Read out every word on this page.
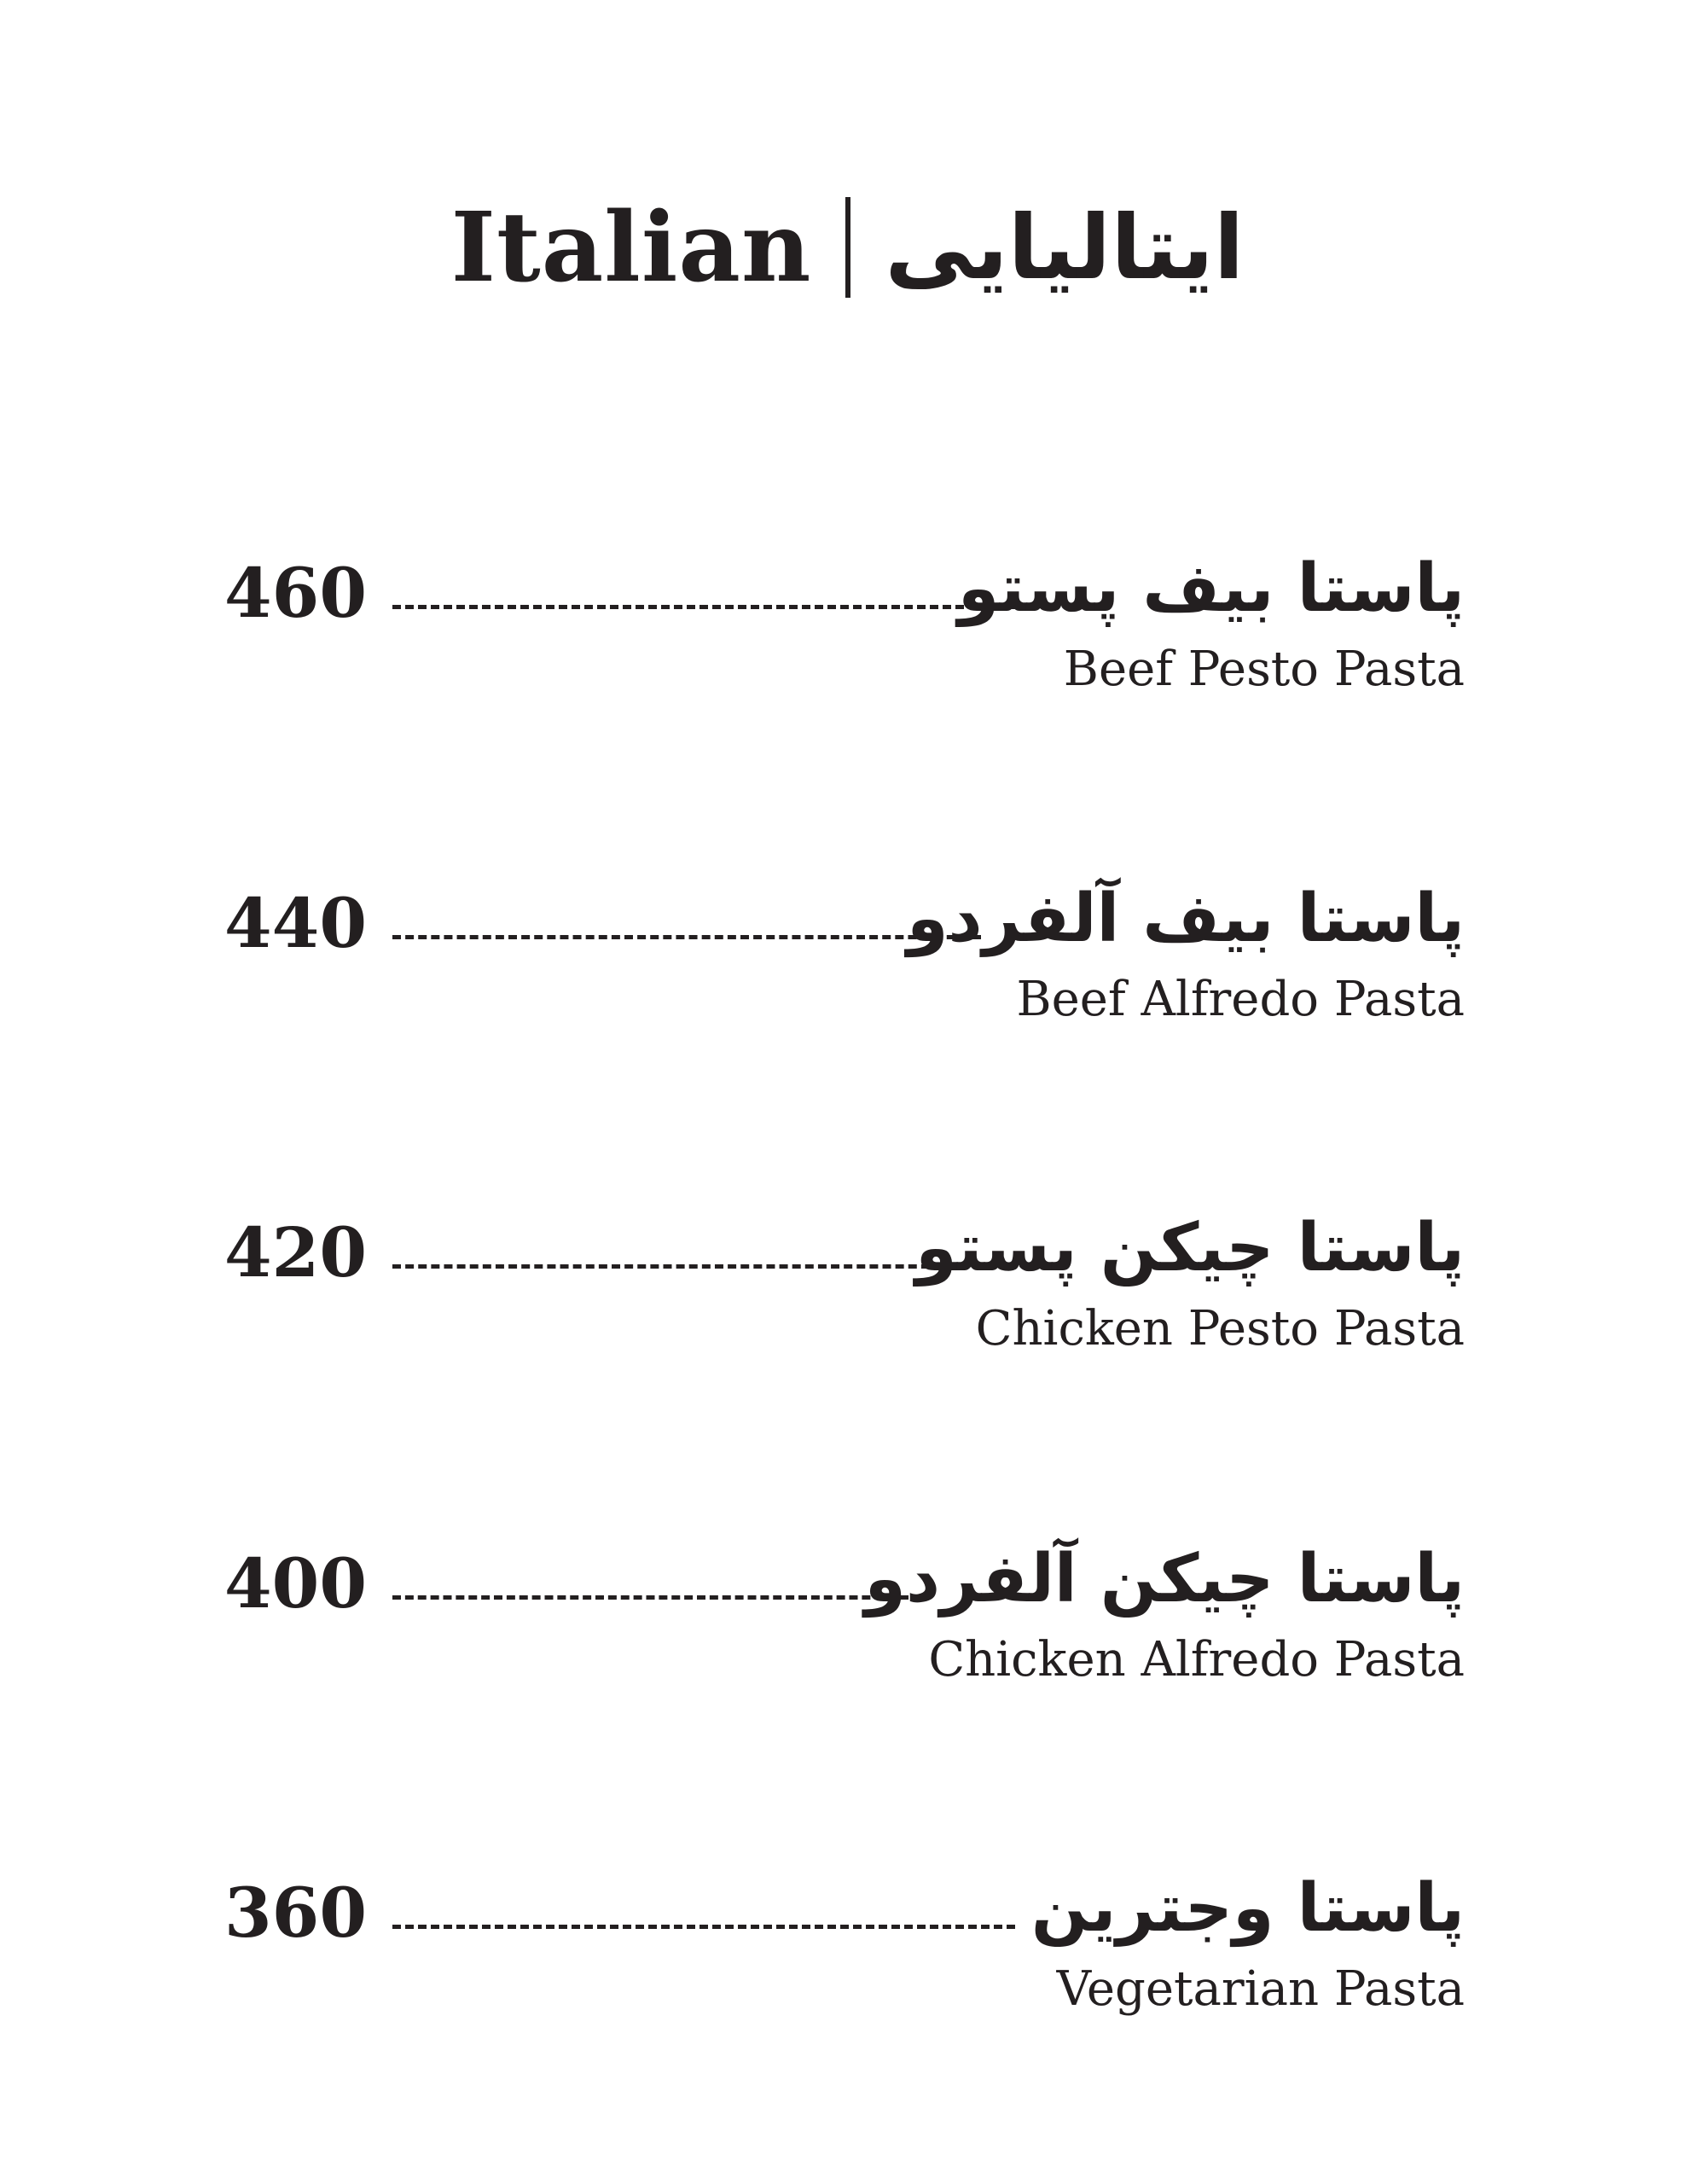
Italian ایتالیایی
460	پاستا بیف پستو
Beef Pesto Pasta
440	پاستا بیف آلفردو
Beef Alfredo Pasta
420	پاستا چیکن پستو
Chicken Pesto Pasta
400	پاستا چیکن آلفردو
Chicken Alfredo Pasta
360	پاستا وجترین
Vegetarian Pasta
